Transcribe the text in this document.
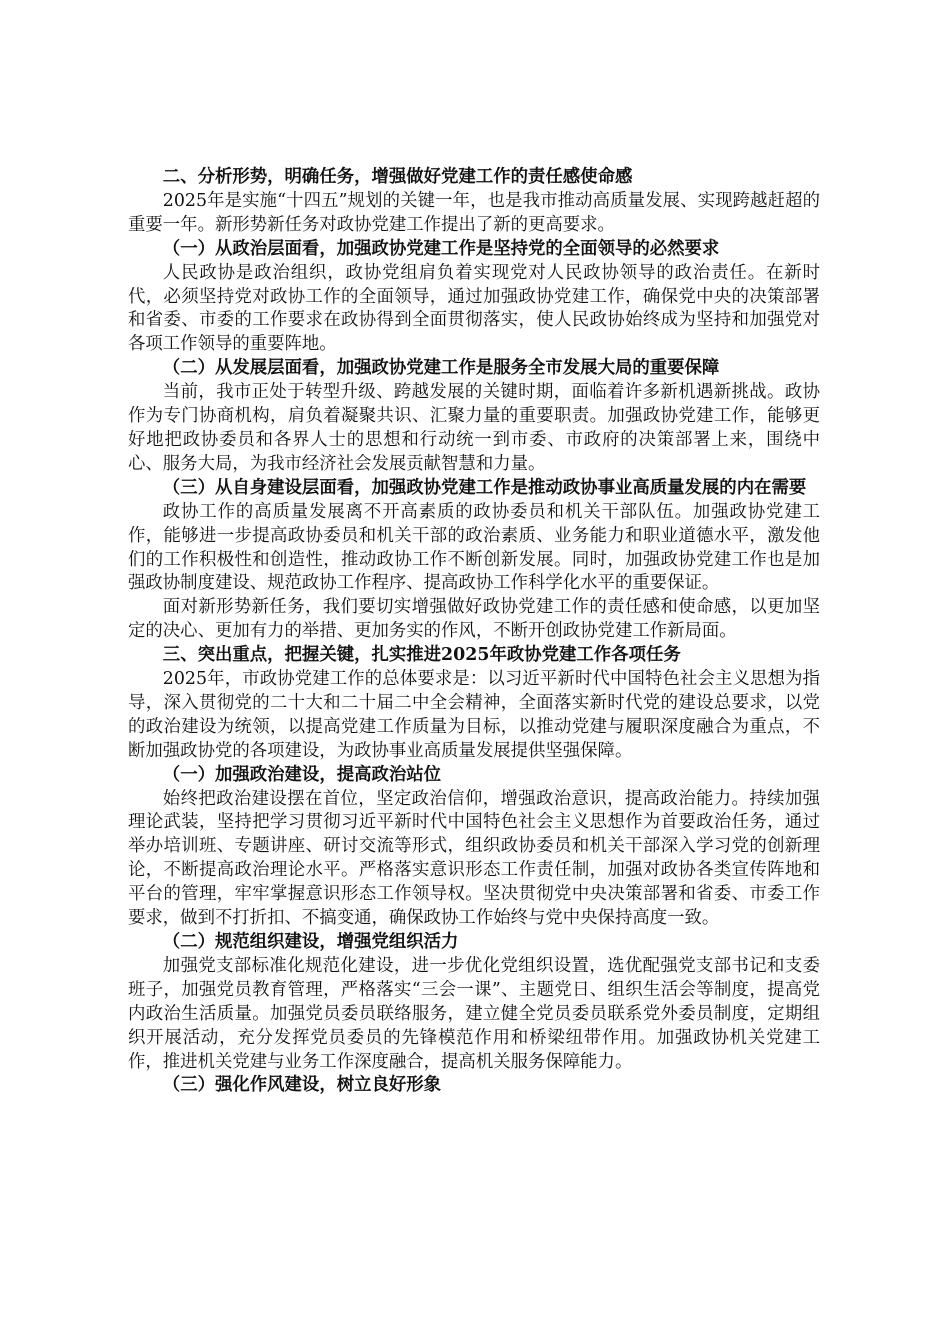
二、分析形势，明确任务，增强做好党建工作的责任感使命感
2025年是实施“十四五”规划的关键一年，也是我市推动高质量发展、实现跨越赶超的重要一年。新形势新任务对政协党建工作提出了新的更高要求。
（一）从政治层面看，加强政协党建工作是坚持党的全面领导的必然要求
人民政协是政治组织，政协党组肩负着实现党对人民政协领导的政治责任。在新时代，必须坚持党对政协工作的全面领导，通过加强政协党建工作，确保党中央的决策部署和省委、市委的工作要求在政协得到全面贯彻落实，使人民政协始终成为坚持和加强党对各项工作领导的重要阵地。
（二）从发展层面看，加强政协党建工作是服务全市发展大局的重要保障
当前，我市正处于转型升级、跨越发展的关键时期，面临着许多新机遇新挑战。政协作为专门协商机构，肩负着凝聚共识、汇聚力量的重要职责。加强政协党建工作，能够更好地把政协委员和各界人士的思想和行动统一到市委、市政府的决策部署上来，围绕中心、服务大局，为我市经济社会发展贡献智慧和力量。
（三）从自身建设层面看，加强政协党建工作是推动政协事业高质量发展的内在需要
政协工作的高质量发展离不开高素质的政协委员和机关干部队伍。加强政协党建工作，能够进一步提高政协委员和机关干部的政治素质、业务能力和职业道德水平，激发他们的工作积极性和创造性，推动政协工作不断创新发展。同时，加强政协党建工作也是加强政协制度建设、规范政协工作程序、提高政协工作科学化水平的重要保证。
面对新形势新任务，我们要切实增强做好政协党建工作的责任感和使命感，以更加坚定的决心、更加有力的举措、更加务实的作风，不断开创政协党建工作新局面。
三、突出重点，把握关键，扎实推进2025年政协党建工作各项任务
2025年，市政协党建工作的总体要求是：以习近平新时代中国特色社会主义思想为指导，深入贯彻党的二十大和二十届二中全会精神，全面落实新时代党的建设总要求，以党的政治建设为统领，以提高党建工作质量为目标，以推动党建与履职深度融合为重点，不断加强政协党的各项建设，为政协事业高质量发展提供坚强保障。
（一）加强政治建设，提高政治站位
始终把政治建设摆在首位，坚定政治信仰，增强政治意识，提高政治能力。持续加强理论武装，坚持把学习贯彻习近平新时代中国特色社会主义思想作为首要政治任务，通过举办培训班、专题讲座、研讨交流等形式，组织政协委员和机关干部深入学习党的创新理论，不断提高政治理论水平。严格落实意识形态工作责任制，加强对政协各类宣传阵地和平台的管理，牢牢掌握意识形态工作领导权。坚决贯彻党中央决策部署和省委、市委工作要求，做到不打折扣、不搞变通，确保政协工作始终与党中央保持高度一致。
（二）规范组织建设，增强党组织活力
加强党支部标准化规范化建设，进一步优化党组织设置，选优配强党支部书记和支委班子，加强党员教育管理，严格落实“三会一课”、主题党日、组织生活会等制度，提高党内政治生活质量。加强党员委员联络服务，建立健全党员委员联系党外委员制度，定期组织开展活动，充分发挥党员委员的先锋模范作用和桥梁纽带作用。加强政协机关党建工作，推进机关党建与业务工作深度融合，提高机关服务保障能力。
（三）强化作风建设，树立良好形象
